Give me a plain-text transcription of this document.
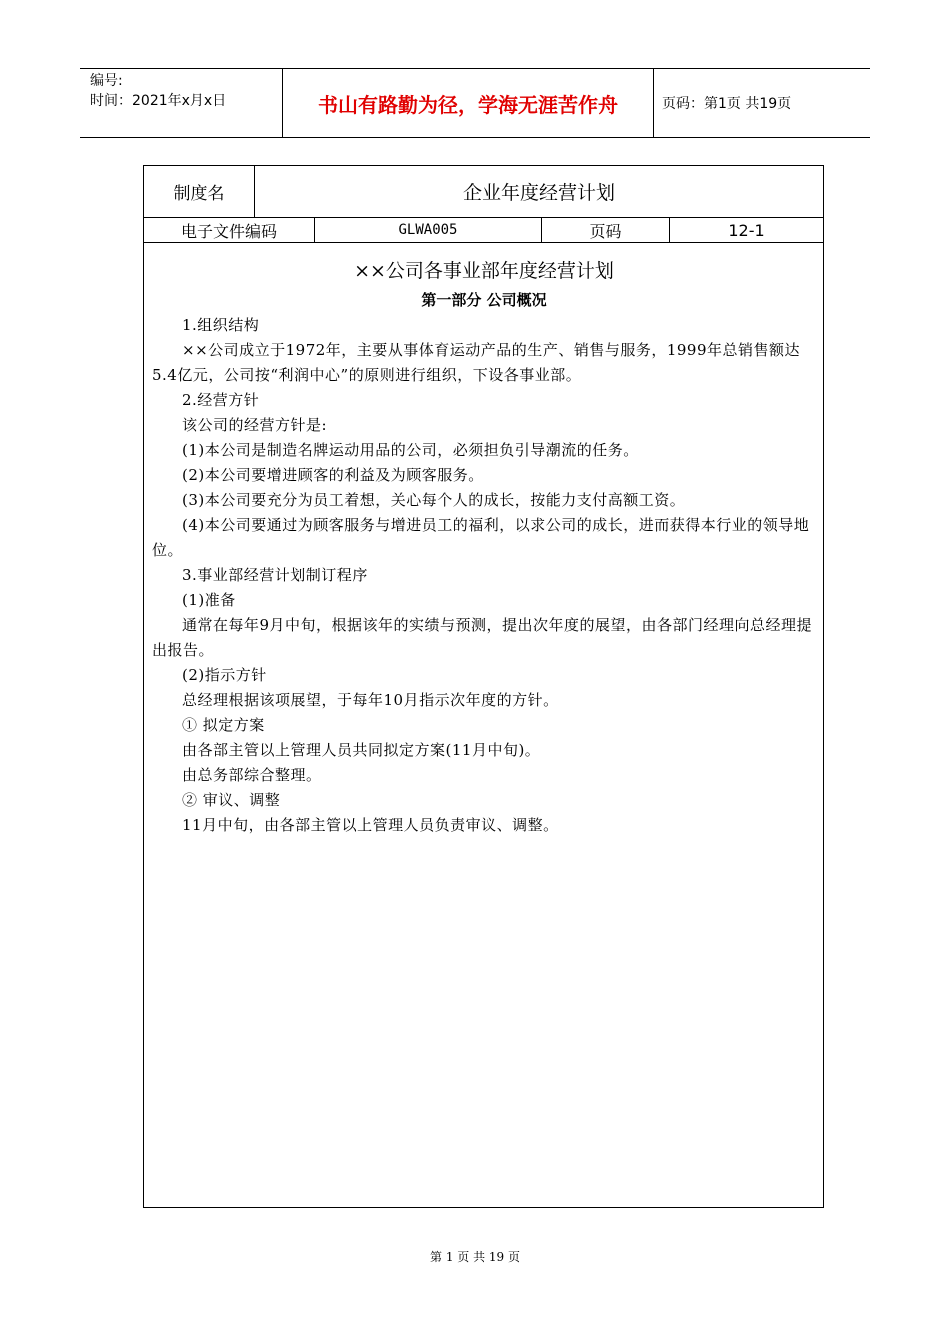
编号:
时间：2021年x月x日	书山有路勤为径，学海无涯苦作舟	页码：第1页 共19页
制度名	企业年度经营计划
电子文件编码	GLWA005	页码	12-1
××公司各事业部年度经营计划
第一部分 公司概况

1.组织结构

××公司成立于1972年，主要从事体育运动产品的生产、销售与服务，1999年总销售额达5.4亿元，公司按“利润中心”的原则进行组织，下设各事业部。

2.经营方针

该公司的经营方针是:

(1)本公司是制造名牌运动用品的公司，必须担负引导潮流的任务。

(2)本公司要增进顾客的利益及为顾客服务。

(3)本公司要充分为员工着想，关心每个人的成长，按能力支付高额工资。

(4)本公司要通过为顾客服务与增进员工的福利，以求公司的成长，进而获得本行业的领导地位。

3.事业部经营计划制订程序

(1)准备

通常在每年9月中旬，根据该年的实绩与预测，提出次年度的展望，由各部门经理向总经理提出报告。

(2)指示方针

总经理根据该项展望，于每年10月指示次年度的方针。

① 拟定方案

由各部主管以上管理人员共同拟定方案(11月中旬)。

由总务部综合整理。

② 审议、调整

11月中旬，由各部主管以上管理人员负责审议、调整。

第 1 页 共 19 页
